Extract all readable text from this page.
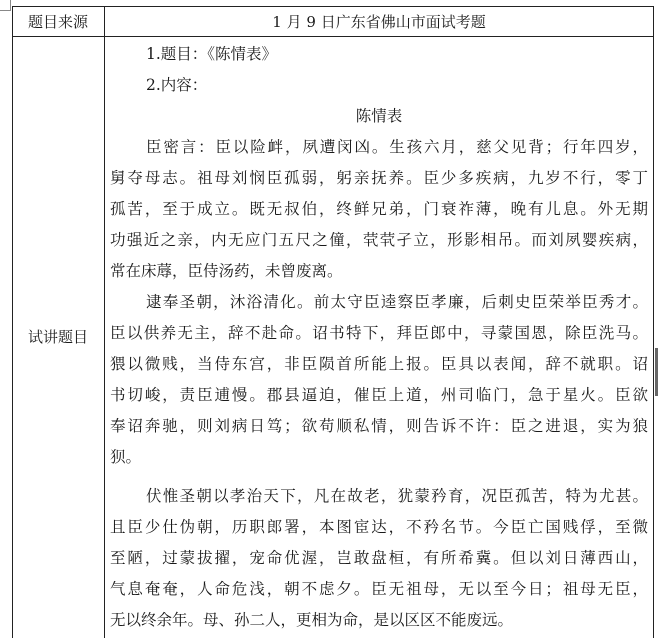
题目来源	1 月 9 日广东省佛山市面试考题
试讲题目
1.题目：《陈情表》
2.内容：
陈情表
臣密言：臣以险衅，夙遭闵凶。生孩六月，慈父见背；行年四岁，
舅夺母志。祖母刘悯臣孤弱，躬亲抚养。臣少多疾病，九岁不行，零丁
孤苦，至于成立。既无叔伯，终鲜兄弟，门衰祚薄，晚有儿息。外无期
功强近之亲，内无应门五尺之僮，茕茕孑立，形影相吊。而刘夙婴疾病，
常在床蓐，臣侍汤药，未曾废离。
逮奉圣朝，沐浴清化。前太守臣逵察臣孝廉，后刺史臣荣举臣秀才。
臣以供养无主，辞不赴命。诏书特下，拜臣郎中，寻蒙国恩，除臣洗马。
猥以微贱，当侍东宫，非臣陨首所能上报。臣具以表闻，辞不就职。诏
书切峻，责臣逋慢。郡县逼迫，催臣上道，州司临门，急于星火。臣欲
奉诏奔驰，则刘病日笃；欲苟顺私情，则告诉不许：臣之进退，实为狼
狈。
伏惟圣朝以孝治天下，凡在故老，犹蒙矜育，况臣孤苦，特为尤甚。
且臣少仕伪朝，历职郎署，本图宦达，不矜名节。今臣亡国贱俘，至微
至陋，过蒙拔擢，宠命优渥，岂敢盘桓，有所希冀。但以刘日薄西山，
气息奄奄，人命危浅，朝不虑夕。臣无祖母，无以至今日；祖母无臣，
无以终余年。母、孙二人，更相为命，是以区区不能废远。
